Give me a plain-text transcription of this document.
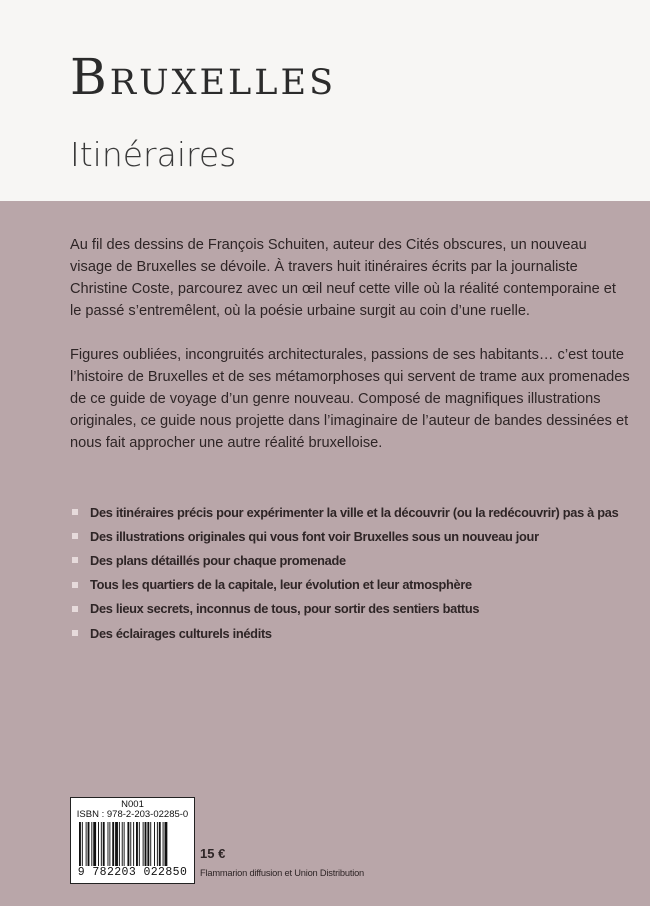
Bruxelles
Itinéraires

Au fil des dessins de François Schuiten, auteur des Cités obscures, un nouveau visage de Bruxelles se dévoile. À travers huit itinéraires écrits par la journaliste Christine Coste, parcourez avec un œil neuf cette ville où la réalité contemporaine et le passé s’entremêlent, où la poésie urbaine surgit au coin d’une ruelle.

Figures oubliées, incongruités architecturales, passions de ses habitants… c’est toute l’histoire de Bruxelles et de ses métamorphoses qui servent de trame aux promenades de ce guide de voyage d’un genre nouveau. Composé de magnifiques illustrations originales, ce guide nous projette dans l’imaginaire de l’auteur de bandes dessinées et nous fait approcher une autre réalité bruxelloise.

Des itinéraires précis pour expérimenter la ville et la découvrir (ou la redécouvrir) pas à pas
Des illustrations originales qui vous font voir Bruxelles sous un nouveau jour
Des plans détaillés pour chaque promenade
Tous les quartiers de la capitale, leur évolution et leur atmosphère
Des lieux secrets, inconnus de tous, pour sortir des sentiers battus
Des éclairages culturels inédits
N001
ISBN : 978-2-203-02285-0
9 782203 022850
15 €
Flammarion diffusion et Union Distribution
